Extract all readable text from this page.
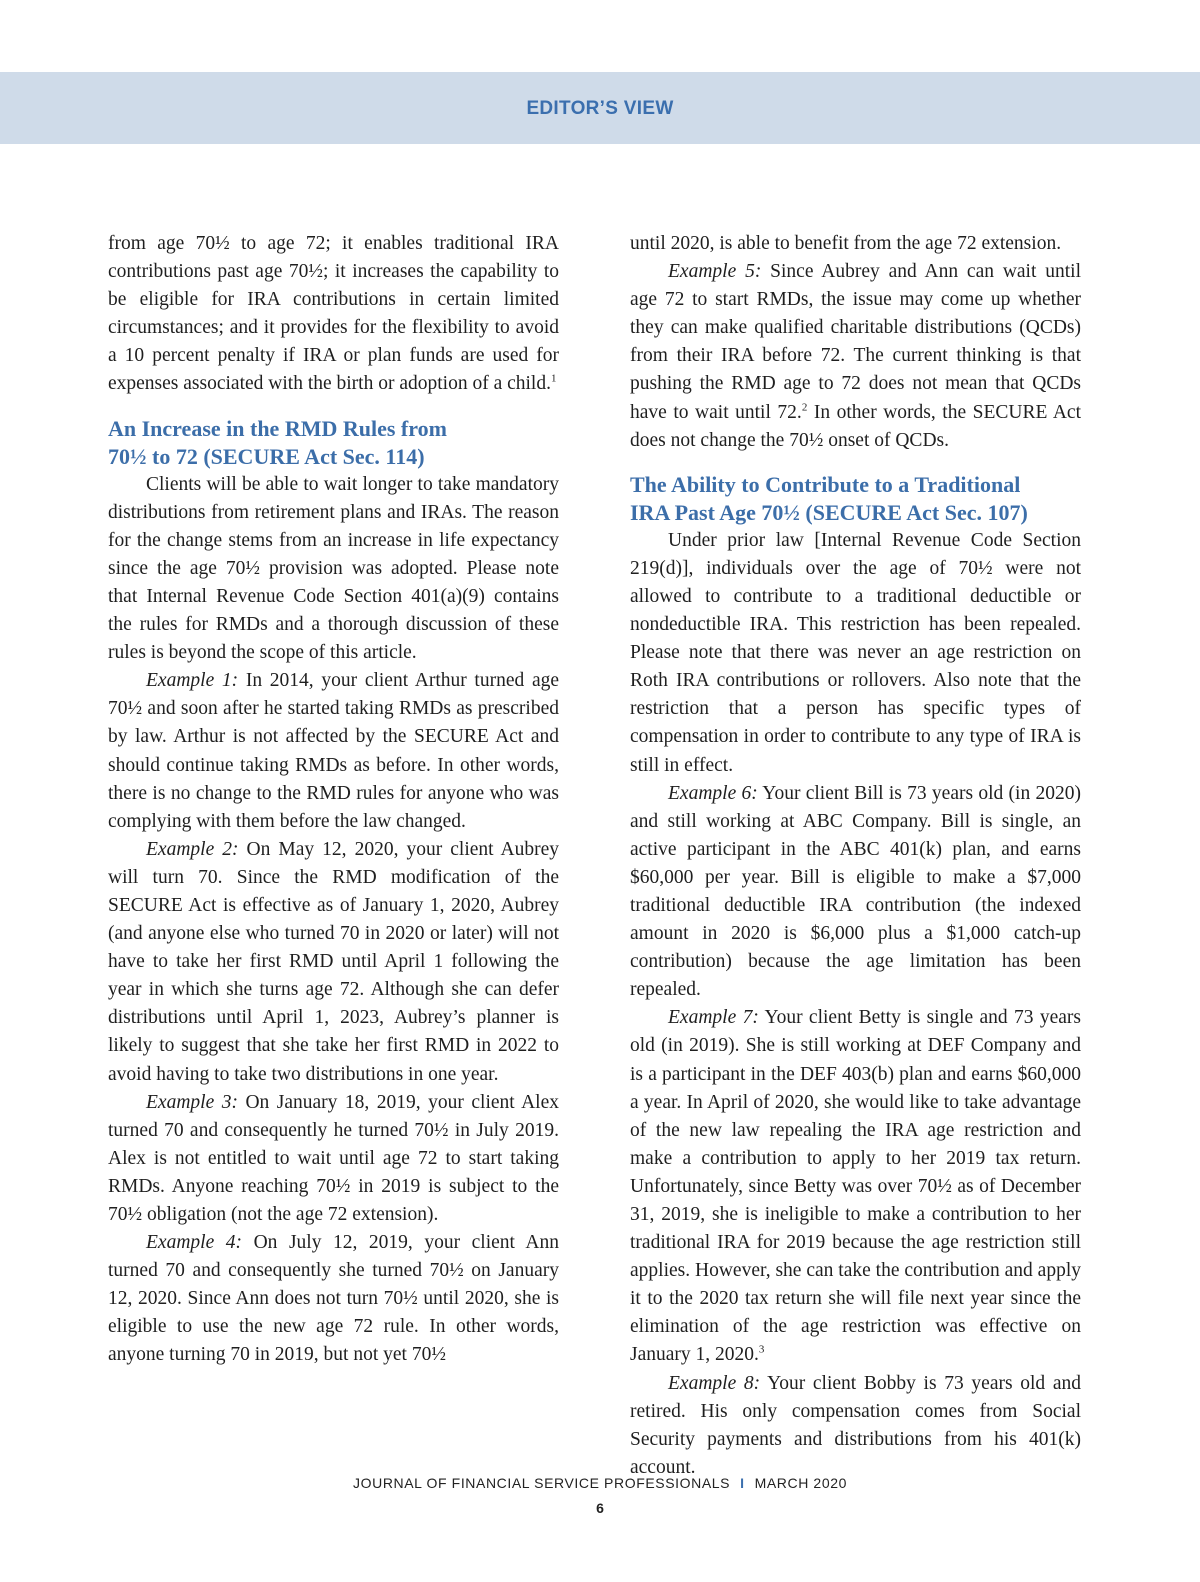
EDITOR’S VIEW

from age 70½ to age 72; it enables traditional IRA contributions past age 70½; it increases the capability to be eligible for IRA contributions in certain limited circumstances; and it provides for the flexibility to avoid a 10 percent penalty if IRA or plan funds are used for expenses associated with the birth or adoption of a child.$^1$

An Increase in the RMD Rules from
70½ to 72 (SECURE Act Sec. 114)

Clients will be able to wait longer to take mandatory distributions from retirement plans and IRAs. The reason for the change stems from an increase in life expectancy since the age 70½ provision was adopted. Please note that Internal Revenue Code Section 401(a)(9) contains the rules for RMDs and a thorough discussion of these rules is beyond the scope of this article.

Example 1: In 2014, your client Arthur turned age 70½ and soon after he started taking RMDs as prescribed by law. Arthur is not affected by the SECURE Act and should continue taking RMDs as before. In other words, there is no change to the RMD rules for anyone who was complying with them before the law changed.

Example 2: On May 12, 2020, your client Aubrey will turn 70. Since the RMD modification of the SECURE Act is effective as of January 1, 2020, Aubrey (and anyone else who turned 70 in 2020 or later) will not have to take her first RMD until April 1 following the year in which she turns age 72. Although she can defer distributions until April 1, 2023, Aubrey’s planner is likely to suggest that she take her first RMD in 2022 to avoid having to take two distributions in one year.

Example 3: On January 18, 2019, your client Alex turned 70 and consequently he turned 70½ in July 2019. Alex is not entitled to wait until age 72 to start taking RMDs. Anyone reaching 70½ in 2019 is subject to the 70½ obligation (not the age 72 extension).

Example 4: On July 12, 2019, your client Ann turned 70 and consequently she turned 70½ on January 12, 2020. Since Ann does not turn 70½ until 2020, she is eligible to use the new age 72 rule. In other words, anyone turning 70 in 2019, but not yet 70½

until 2020, is able to benefit from the age 72 extension.

Example 5: Since Aubrey and Ann can wait until age 72 to start RMDs, the issue may come up whether they can make qualified charitable distributions (QCDs) from their IRA before 72. The current thinking is that pushing the RMD age to 72 does not mean that QCDs have to wait until 72.$^2$ In other words, the SECURE Act does not change the 70½ onset of QCDs.

The Ability to Contribute to a Traditional
IRA Past Age 70½ (SECURE Act Sec. 107)

Under prior law [Internal Revenue Code Section 219(d)], individuals over the age of 70½ were not allowed to contribute to a traditional deductible or nondeductible IRA. This restriction has been repealed. Please note that there was never an age restriction on Roth IRA contributions or rollovers. Also note that the restriction that a person has specific types of compensation in order to contribute to any type of IRA is still in effect.

Example 6: Your client Bill is 73 years old (in 2020) and still working at ABC Company. Bill is single, an active participant in the ABC 401(k) plan, and earns $60,000 per year. Bill is eligible to make a $7,000 traditional deductible IRA contribution (the indexed amount in 2020 is $6,000 plus a $1,000 catch-up contribution) because the age limitation has been repealed.

Example 7: Your client Betty is single and 73 years old (in 2019). She is still working at DEF Company and is a participant in the DEF 403(b) plan and earns $60,000 a year. In April of 2020, she would like to take advantage of the new law repealing the IRA age restriction and make a contribution to apply to her 2019 tax return. Unfortunately, since Betty was over 70½ as of December 31, 2019, she is ineligible to make a contribution to her traditional IRA for 2019 because the age restriction still applies. However, she can take the contribution and apply it to the 2020 tax return she will file next year since the elimination of the age restriction was effective on January 1, 2020.$^3$

Example 8: Your client Bobby is 73 years old and retired. His only compensation comes from Social Security payments and distributions from his 401(k) account.

JOURNAL OF FINANCIAL SERVICE PROFESSIONALS I MARCH 2020
6
